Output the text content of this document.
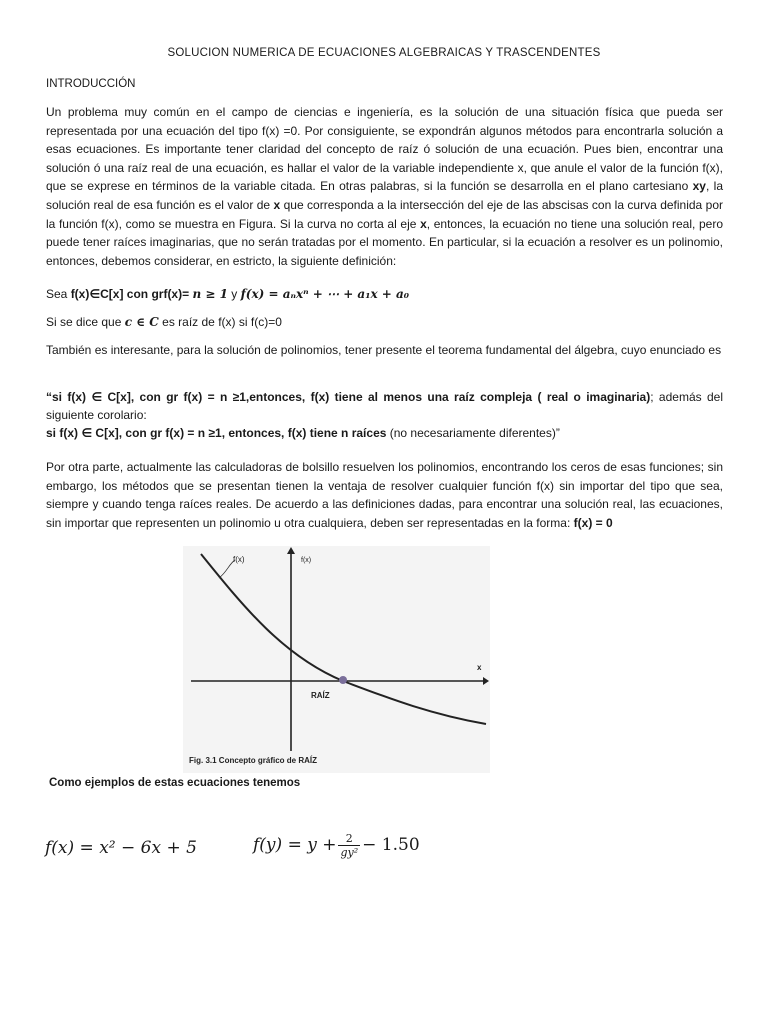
SOLUCION NUMERICA DE ECUACIONES ALGEBRAICAS Y TRASCENDENTES
INTRODUCCIÓN

Un problema muy común en el campo de ciencias e ingeniería, es la solución de una situación física que pueda ser representada por una ecuación del tipo f(x) =0. Por consiguiente, se expondrán algunos métodos para encontrarla solución a esas ecuaciones. Es importante tener claridad del concepto de raíz ó solución de una ecuación. Pues bien, encontrar una solución ó una raíz real de una ecuación, es hallar el valor de la variable independiente x, que anule el valor de la función f(x), que se exprese en términos de la variable citada. En otras palabras, si la función se desarrolla en el plano cartesiano xy, la solución real de esa función es el valor de x que corresponda a la intersección del eje de las abscisas con la curva definida por la función f(x), como se muestra en Figura. Si la curva no corta al eje x, entonces, la ecuación no tiene una solución real, pero puede tener raíces imaginarias, que no serán tratadas por el momento. En particular, si la ecuación a resolver es un polinomio, entonces, debemos considerar, en estricto, la siguiente definición:

Sea f(x)∈C[x] con grf(x)= n ≥ 1 y f(x) = aₙxⁿ + ⋯ + a₁x + a₀
Si se dice que c ∈ C es raíz de f(x) si f(c)=0

También es interesante, para la solución de polinomios, tener presente el teorema fundamental del álgebra, cuyo enunciado es

“si f(x) ∈ C[x], con gr f(x) = n ≥1,entonces, f(x) tiene al menos una raíz compleja ( real o imaginaria); además del siguiente corolario:
si f(x) ∈ C[x], con gr f(x) = n ≥1, entonces, f(x) tiene n raíces (no necesariamente diferentes)”

Por otra parte, actualmente las calculadoras de bolsillo resuelven los polinomios, encontrando los ceros de esas funciones; sin embargo, los métodos que se presentan tienen la ventaja de resolver cualquier función f(x) sin importar del tipo que sea, siempre y cuando tenga raíces reales. De acuerdo a las definiciones dadas, para encontrar una solución real, las ecuaciones, sin importar que representen un polinomio u otra cualquiera, deben ser representadas en la forma: f(x) = 0

f(x)	f(x)
x
RAÍZ
Fig. 3.1 Concepto gráfico de RAÍZ
Como ejemplos de estas ecuaciones tenemos
f(x) = x² − 6x + 5	$f(y) = y + \frac{2}{\text{gy²}} - 1.50$
